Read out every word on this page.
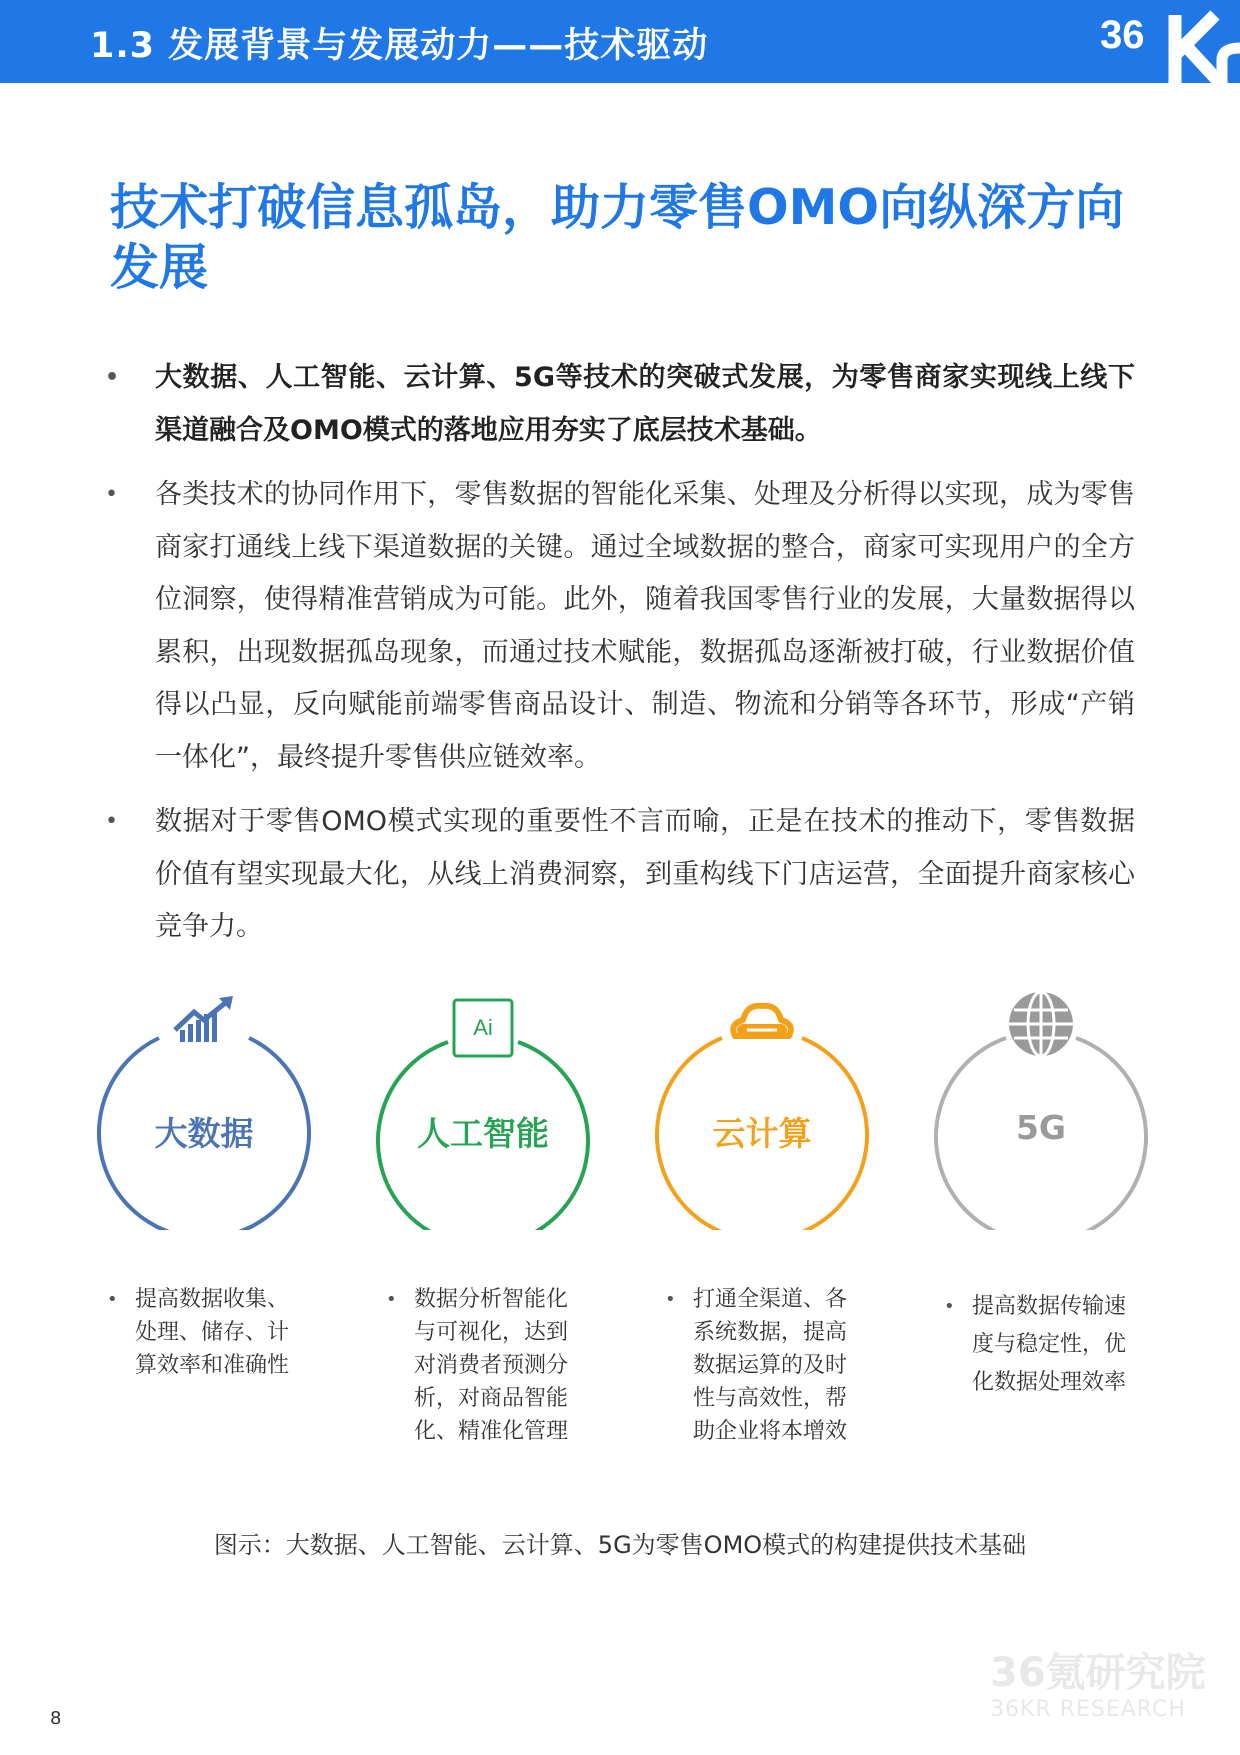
1.3 发展背景与发展动力——技术驱动	36
技术打破信息孤岛，助力零售OMO向纵深方向发展
• 大数据、人工智能、云计算、5G等技术的突破式发展，为零售商家实现线上线下渠道融合及OMO模式的落地应用夯实了底层技术基础。
• 各类技术的协同作用下，零售数据的智能化采集、处理及分析得以实现，成为零售商家打通线上线下渠道数据的关键。通过全域数据的整合，商家可实现用户的全方位洞察，使得精准营销成为可能。此外，随着我国零售行业的发展，大量数据得以累积，出现数据孤岛现象，而通过技术赋能，数据孤岛逐渐被打破，行业数据价值得以凸显，反向赋能前端零售商品设计、制造、物流和分销等各环节，形成“产销一体化”，最终提升零售供应链效率。
• 数据对于零售OMO模式实现的重要性不言而喻，正是在技术的推动下，零售数据价值有望实现最大化，从线上消费洞察，到重构线下门店运营，全面提升商家核心竞争力。
大数据
Ai
人工智能	云计算	5G
• 提高数据收集、处理、储存、计算效率和准确性
• 数据分析智能化与可视化，达到对消费者预测分析，对商品智能化、精准化管理
• 打通全渠道、各系统数据，提高数据运算的及时性与高效性，帮助企业将本增效
• 提高数据传输速度与稳定性，优化数据处理效率
图示：大数据、人工智能、云计算、5G为零售OMO模式的构建提供技术基础
36氪研究院
36KR RESEARCH
8
